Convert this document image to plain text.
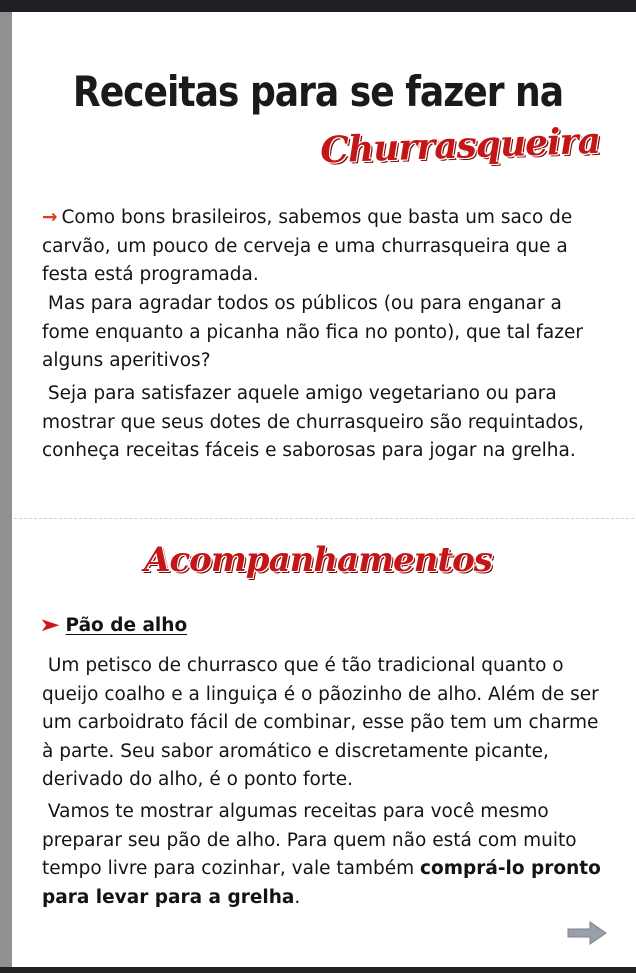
Receitas para se fazer na
Churrasqueira

→ Como bons brasileiros, sabemos que basta um saco de carvão, um pouco de cerveja e uma churrasqueira que a festa está programada.

Mas para agradar todos os públicos (ou para enganar a fome enquanto a picanha não fica no ponto), que tal fazer alguns aperitivos?

Seja para satisfazer aquele amigo vegetariano ou para mostrar que seus dotes de churrasqueiro são requintados, conheça receitas fáceis e saborosas para jogar na grelha.

Acompanhamentos

➤ Pão de alho

Um petisco de churrasco que é tão tradicional quanto o queijo coalho e a linguiça é o pãozinho de alho. Além de ser um carboidrato fácil de combinar, esse pão tem um charme à parte. Seu sabor aromático e discretamente picante, derivado do alho, é o ponto forte.

Vamos te mostrar algumas receitas para você mesmo preparar seu pão de alho. Para quem não está com muito tempo livre para cozinhar, vale também comprá-lo pronto para levar para a grelha.
